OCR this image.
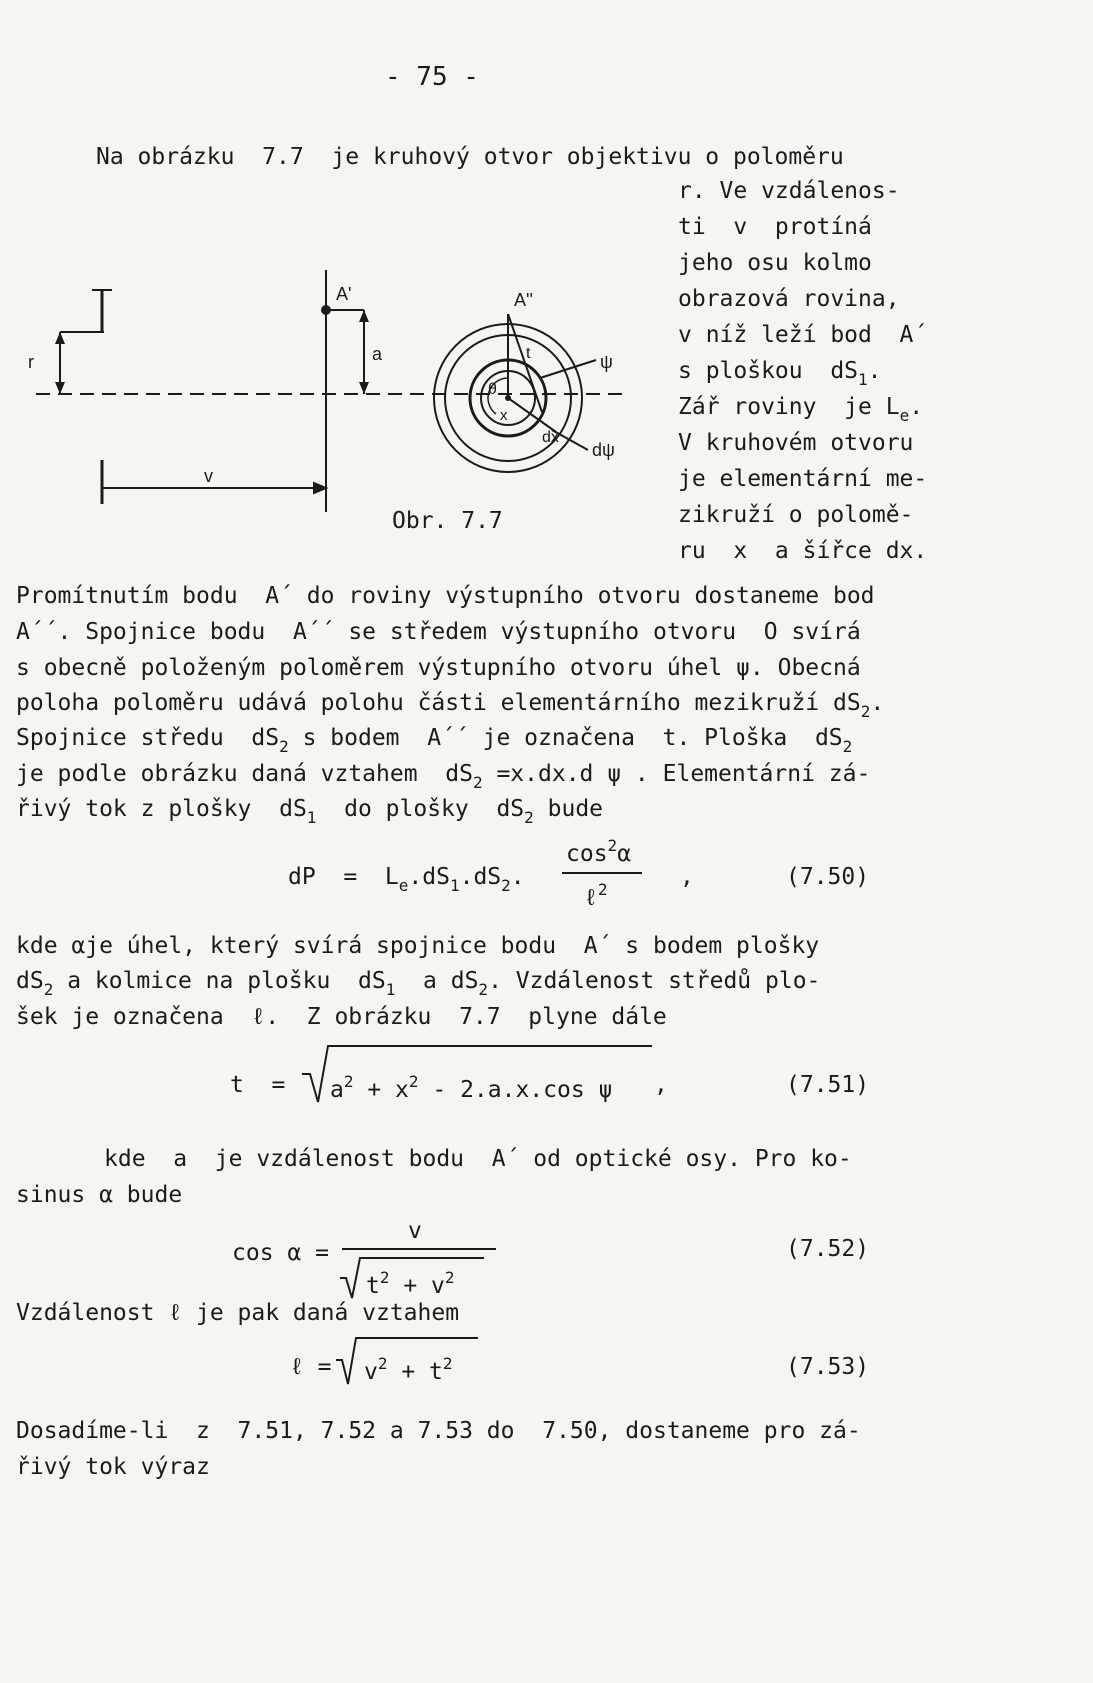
- 75 -
Na obrázku  7.7  je kruhový otvor objektivu o poloměru
r. Ve vzdálenos-
ti  v  protíná
jeho osu kolmo
obrazová rovina,
v níž leží bod  A´
s ploškou  $dS_1$.
Zář roviny  je $L_e$.
V kruhovém otvoru
je elementární me-
zikruží o polomě-
ru  x  a šířce dx.
r
A'
a
v
A''
t	ψ
θ
x
dx
dψ
Obr. 7.7
Promítnutím bodu  A´ do roviny výstupního otvoru dostaneme bod
A´´. Spojnice bodu  A´´ se středem výstupního otvoru  O svírá
s obecně položeným poloměrem výstupního otvoru úhel ψ. Obecná
poloha poloměru udává polohu části elementárního mezikruží $dS_2$.
Spojnice středu  $dS_2$ s bodem  A´´ je označena  t. Ploška  $dS_2$
je podle obrázku daná vztahem  $dS_2 =x.dx.d$ ψ . Elementární zá-
řivý tok z plošky  $dS_1$  do plošky  $dS_2$ bude
dP  =  $L_e.dS_1.dS_2$.
$\cos^2\alpha$
ℓ$^2$	,	(7.50)
kde αje úhel, který svírá spojnice bodu  A´ s bodem plošky
$dS_2$ a kolmice na plošku  $dS_1$  a $dS_2$. Vzdálenost středů plo-
šek je označena  ℓ.  Z obrázku  7.7  plyne dále
$t = a^2 + x^2 - 2.a.x.\cos$ ψ ,	(7.51)
kde  a  je vzdálenost bodu  A´ od optické osy. Pro ko-
sinus α bude
cos α =
v
$t^2 + v^2$
(7.52)
Vzdálenost ℓ je pak daná vztahem
ℓ = $v^2 + t^2$	(7.53)
Dosadíme-li  z  7.51, 7.52 a 7.53 do  7.50, dostaneme pro zá-
řivý tok výraz
